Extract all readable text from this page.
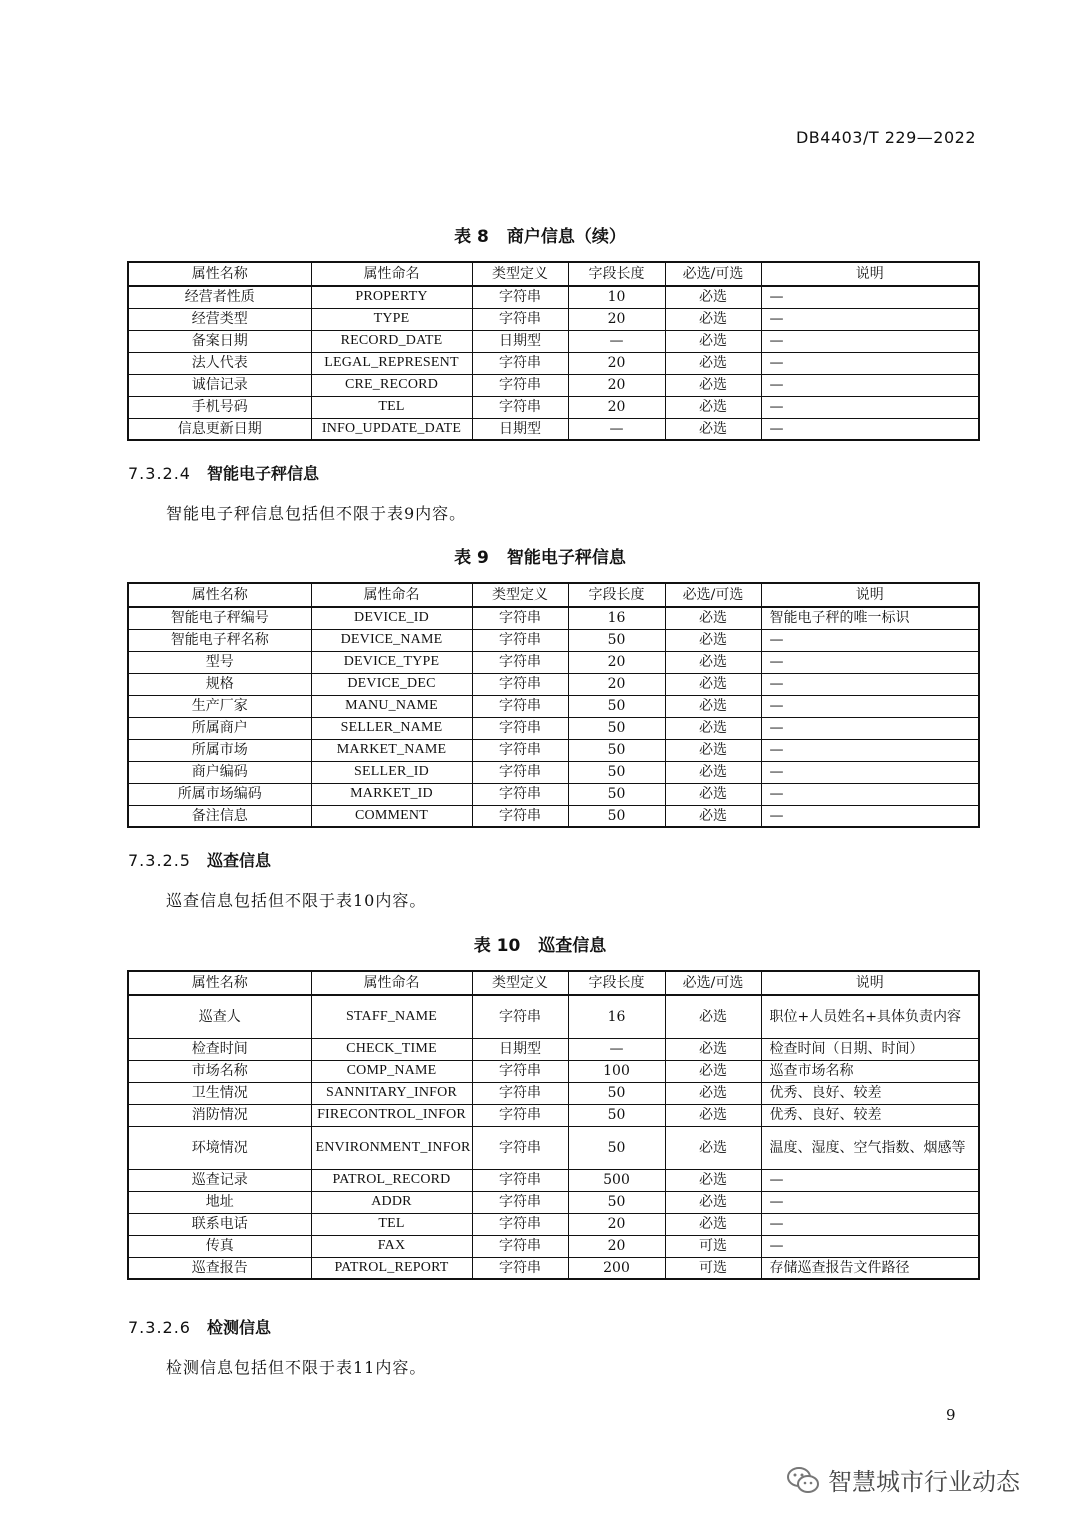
DB4403/T 229—2022
表 8 商户信息（续）
属性名称	属性命名	类型定义	字段长度	必选/可选	说明
经营者性质	PROPERTY	字符串	10	必选	—
经营类型	TYPE	字符串	20	必选	—
备案日期	RECORD_DATE	日期型	—	必选	—
法人代表	LEGAL_REPRESENT	字符串	20	必选	—
诚信记录	CRE_RECORD	字符串	20	必选	—
手机号码	TEL	字符串	20	必选	—
信息更新日期	INFO_UPDATE_DATE	日期型	—	必选	—
7.3.2.4 智能电子秤信息
智能电子秤信息包括但不限于表9内容。
表 9 智能电子秤信息
属性名称	属性命名	类型定义	字段长度	必选/可选	说明
智能电子秤编号	DEVICE_ID	字符串	16	必选	智能电子秤的唯一标识
智能电子秤名称	DEVICE_NAME	字符串	50	必选	—
型号	DEVICE_TYPE	字符串	20	必选	—
规格	DEVICE_DEC	字符串	20	必选	—
生产厂家	MANU_NAME	字符串	50	必选	—
所属商户	SELLER_NAME	字符串	50	必选	—
所属市场	MARKET_NAME	字符串	50	必选	—
商户编码	SELLER_ID	字符串	50	必选	—
所属市场编码	MARKET_ID	字符串	50	必选	—
备注信息	COMMENT	字符串	50	必选	—
7.3.2.5 巡查信息
巡查信息包括但不限于表10内容。
表 10 巡查信息
属性名称	属性命名	类型定义	字段长度	必选/可选	说明
巡查人	STAFF_NAME	字符串	16	必选	职位+人员姓名+具体负责内容
检查时间	CHECK_TIME	日期型	—	必选	检查时间（日期、时间）
市场名称	COMP_NAME	字符串	100	必选	巡查市场名称
卫生情况	SANNITARY_INFOR	字符串	50	必选	优秀、良好、较差
消防情况	FIRECONTROL_INFOR	字符串	50	必选	优秀、良好、较差
环境情况	ENVIRONMENT_INFOR	字符串	50	必选	温度、湿度、空气指数、烟感等
巡查记录	PATROL_RECORD	字符串	500	必选	—
地址	ADDR	字符串	50	必选	—
联系电话	TEL	字符串	20	必选	—
传真	FAX	字符串	20	可选	—
巡查报告	PATROL_REPORT	字符串	200	可选	存储巡查报告文件路径
7.3.2.6 检测信息
检测信息包括但不限于表11内容。
9
智慧城市行业动态
